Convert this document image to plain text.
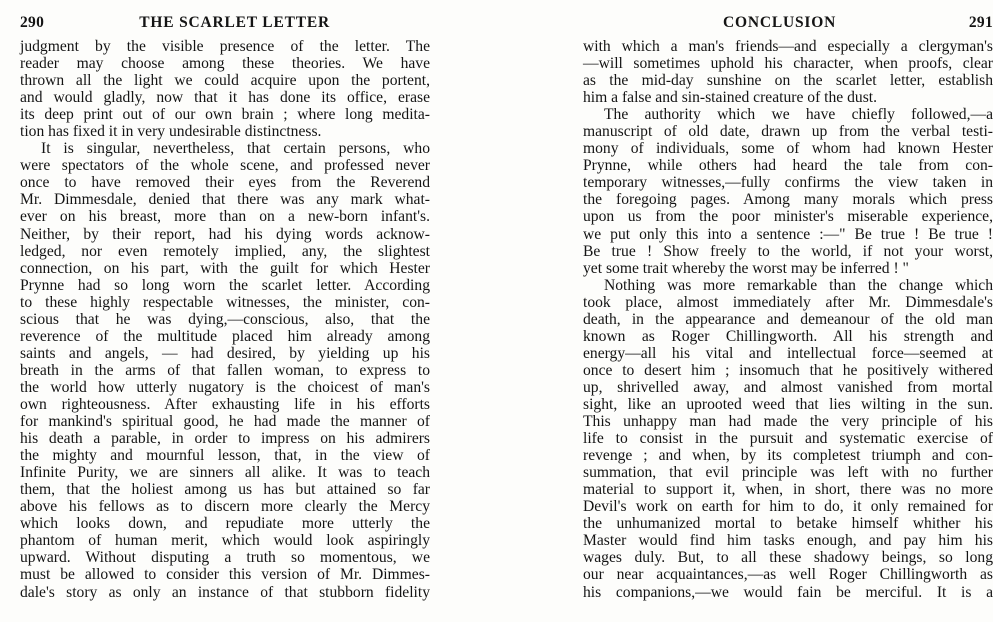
290	THE SCARLET LETTER
judgment by the visible presence of the letter. The
reader may choose among these theories. We have
thrown all the light we could acquire upon the portent,
and would gladly, now that it has done its office, erase
its deep print out of our own brain ; where long medita-
tion has fixed it in very undesirable distinctness.
It is singular, nevertheless, that certain persons, who
were spectators of the whole scene, and professed never
once to have removed their eyes from the Reverend
Mr. Dimmesdale, denied that there was any mark what-
ever on his breast, more than on a new-born infant's.
Neither, by their report, had his dying words acknow-
ledged, nor even remotely implied, any, the slightest
connection, on his part, with the guilt for which Hester
Prynne had so long worn the scarlet letter. According
to these highly respectable witnesses, the minister, con-
scious that he was dying,—conscious, also, that the
reverence of the multitude placed him already among
saints and angels, — had desired, by yielding up his
breath in the arms of that fallen woman, to express to
the world how utterly nugatory is the choicest of man's
own righteousness. After exhausting life in his efforts
for mankind's spiritual good, he had made the manner of
his death a parable, in order to impress on his admirers
the mighty and mournful lesson, that, in the view of
Infinite Purity, we are sinners all alike. It was to teach
them, that the holiest among us has but attained so far
above his fellows as to discern more clearly the Mercy
which looks down, and repudiate more utterly the
phantom of human merit, which would look aspiringly
upward. Without disputing a truth so momentous, we
must be allowed to consider this version of Mr. Dimmes-
dale's story as only an instance of that stubborn fidelity
CONCLUSION	291
with which a man's friends—and especially a clergyman's
—will sometimes uphold his character, when proofs, clear
as the mid-day sunshine on the scarlet letter, establish
him a false and sin-stained creature of the dust.
The authority which we have chiefly followed,—a
manuscript of old date, drawn up from the verbal testi-
mony of individuals, some of whom had known Hester
Prynne, while others had heard the tale from con-
temporary witnesses,—fully confirms the view taken in
the foregoing pages. Among many morals which press
upon us from the poor minister's miserable experience,
we put only this into a sentence :—" Be true ! Be true !
Be true ! Show freely to the world, if not your worst,
yet some trait whereby the worst may be inferred ! "
Nothing was more remarkable than the change which
took place, almost immediately after Mr. Dimmesdale's
death, in the appearance and demeanour of the old man
known as Roger Chillingworth. All his strength and
energy—all his vital and intellectual force—seemed at
once to desert him ; insomuch that he positively withered
up, shrivelled away, and almost vanished from mortal
sight, like an uprooted weed that lies wilting in the sun.
This unhappy man had made the very principle of his
life to consist in the pursuit and systematic exercise of
revenge ; and when, by its completest triumph and con-
summation, that evil principle was left with no further
material to support it, when, in short, there was no more
Devil's work on earth for him to do, it only remained for
the unhumanized mortal to betake himself whither his
Master would find him tasks enough, and pay him his
wages duly. But, to all these shadowy beings, so long
our near acquaintances,—as well Roger Chillingworth as
his companions,—we would fain be merciful. It is a
